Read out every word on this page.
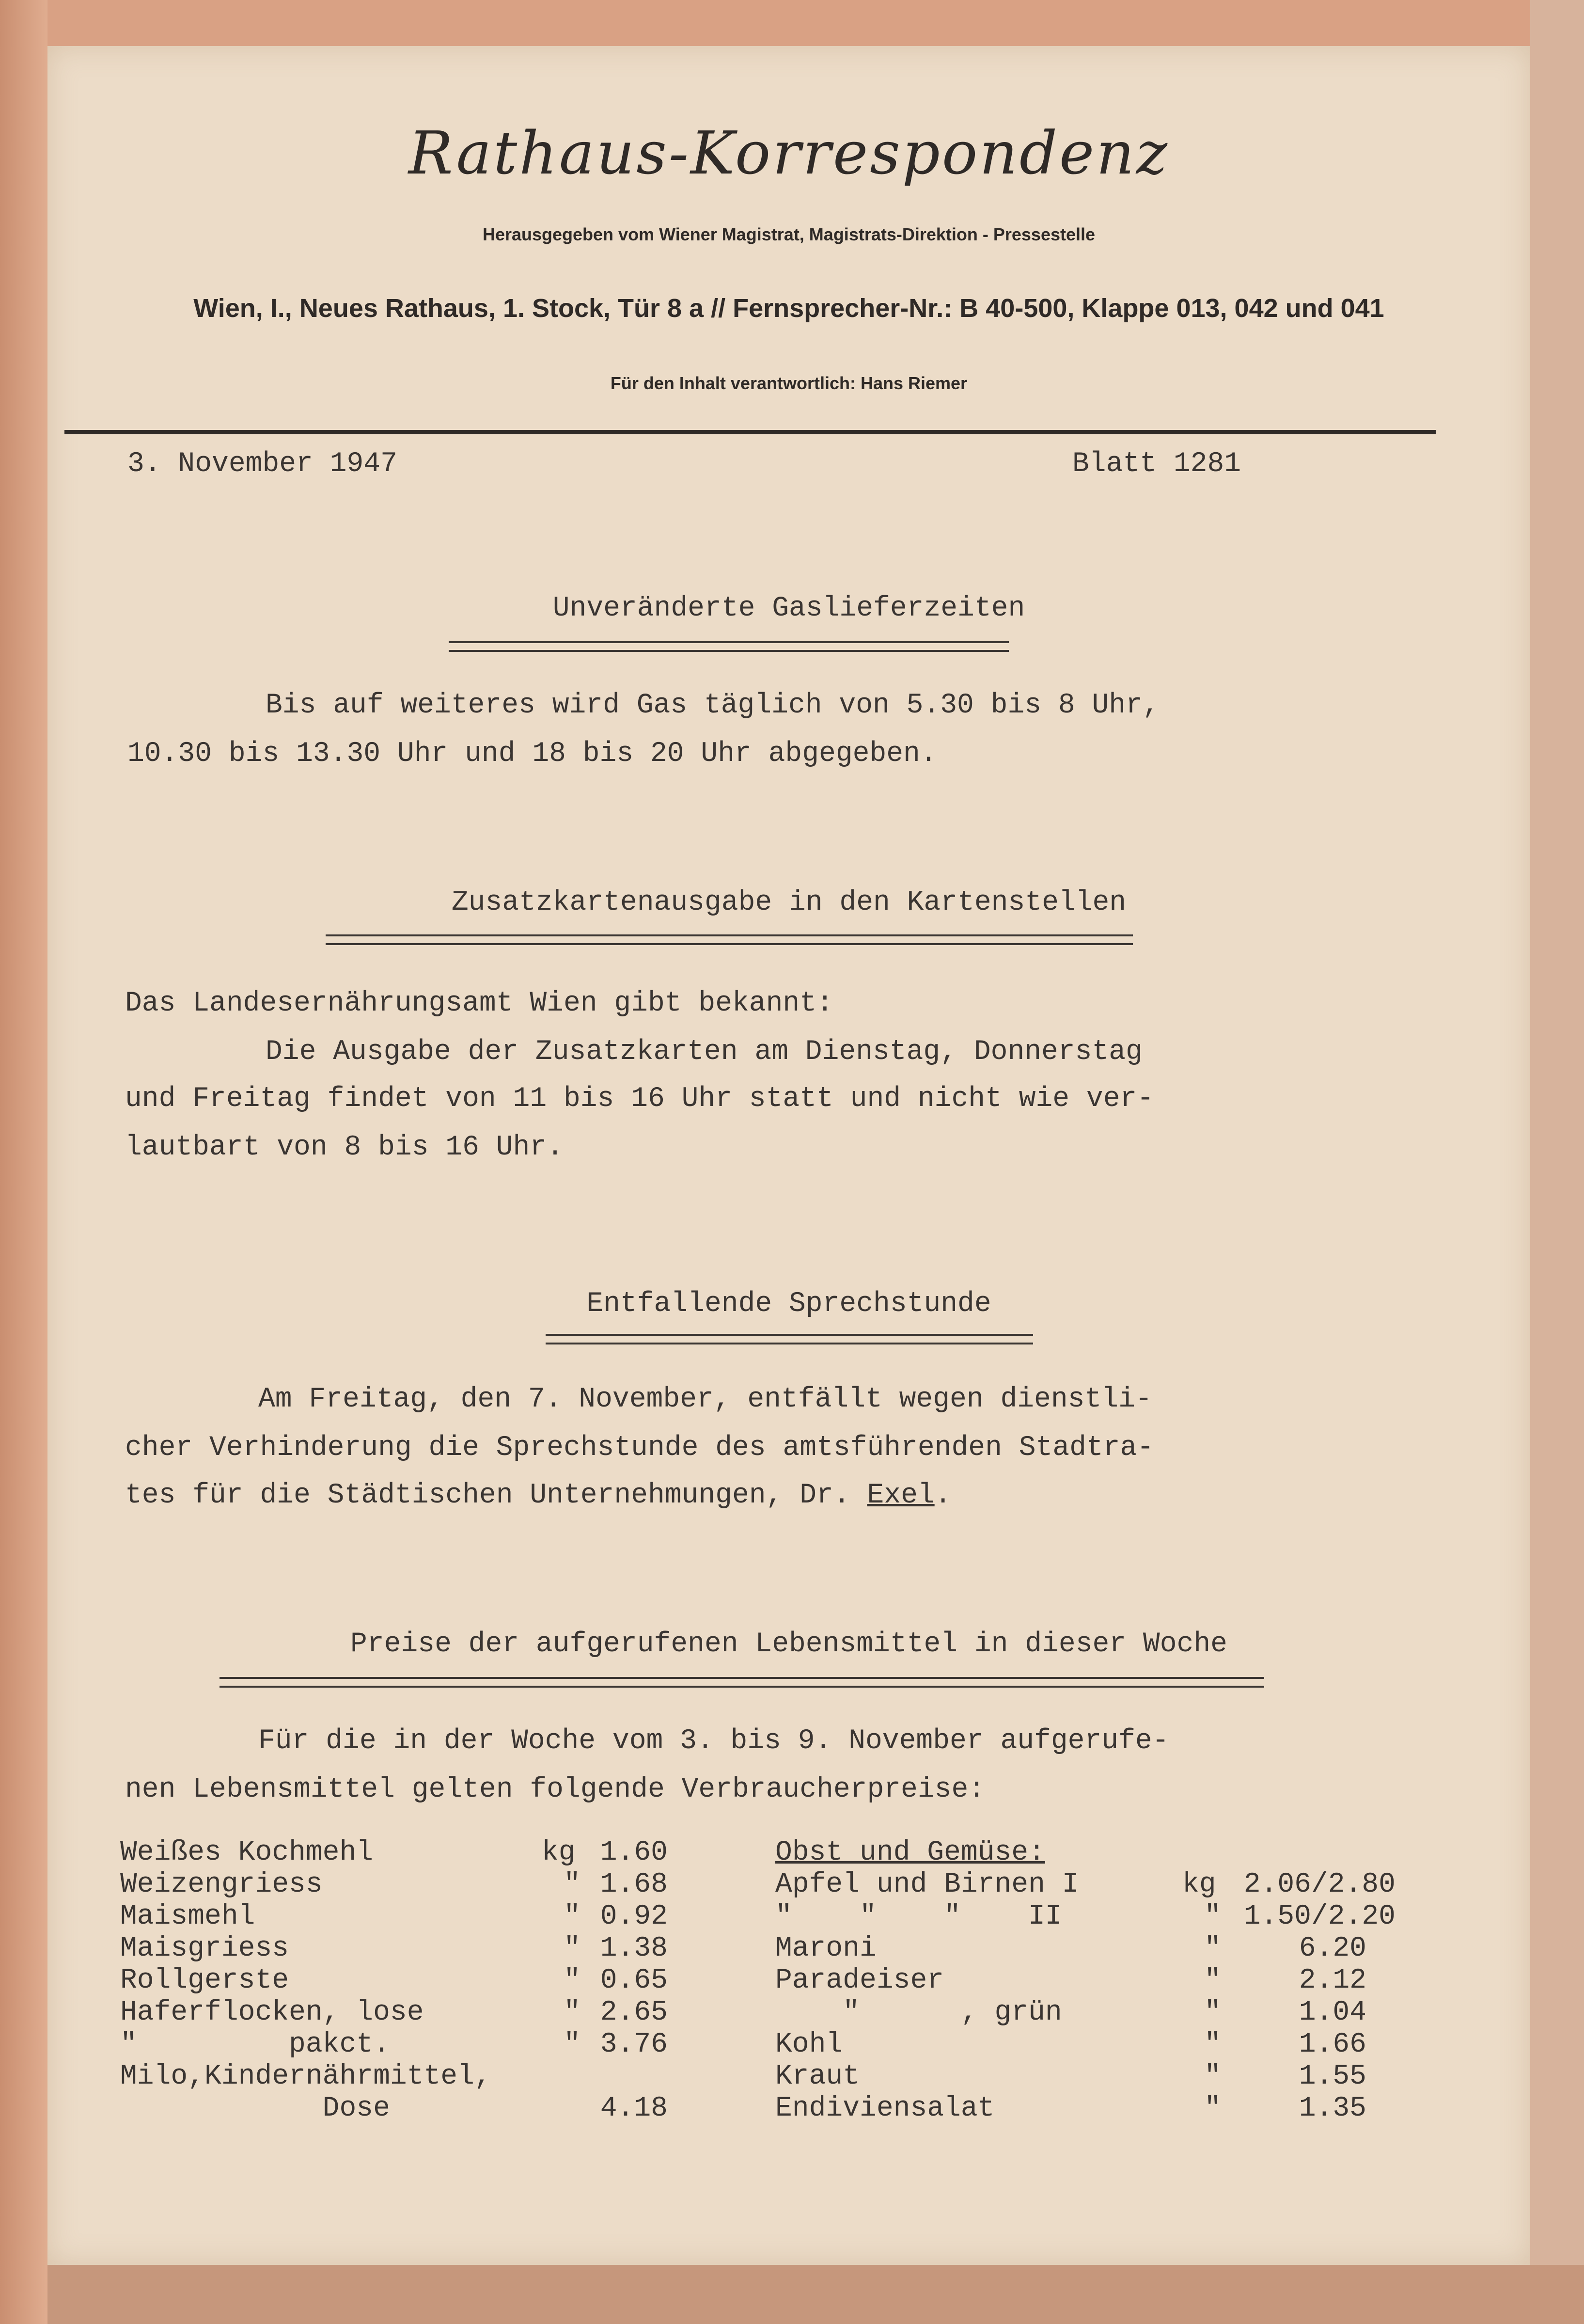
Rathaus-Korrespondenz
Herausgegeben vom Wiener Magistrat, Magistrats-Direktion - Pressestelle
Wien, I., Neues Rathaus, 1. Stock, Tür 8 a // Fernsprecher-Nr.: B 40-500, Klappe 013, 042 und 041
Für den Inhalt verantwortlich: Hans Riemer
3. November 1947	Blatt 1281
Unveränderte Gaslieferzeiten
Bis auf weiteres wird Gas täglich von 5.30 bis 8 Uhr,
10.30 bis 13.30 Uhr und 18 bis 20 Uhr abgegeben.
Zusatzkartenausgabe in den Kartenstellen
Das Landesernährungsamt Wien gibt bekannt:
Die Ausgabe der Zusatzkarten am Dienstag, Donnerstag
und Freitag findet von 11 bis 16 Uhr statt und nicht wie ver-
lautbart von 8 bis 16 Uhr.
Entfallende Sprechstunde
Am Freitag, den 7. November, entfällt wegen dienstli-
cher Verhinderung die Sprechstunde des amtsführenden Stadtra-
tes für die Städtischen Unternehmungen, Dr. Exel.
Preise der aufgerufenen Lebensmittel in dieser Woche
Für die in der Woche vom 3. bis 9. November aufgerufe-
nen Lebensmittel gelten folgende Verbraucherpreise:
Weißes Kochmehl	kg 1.60
Weizengriess	" 1.68
Maismehl	" 0.92
Maisgriess	" 1.38
Rollgerste	" 0.65
Haferflocken, lose	" 2.65
"         pakct.	" 3.76
Milo,Kindernährmittel,
Dose	4.18
Obst und Gemüse:
Apfel und Birnen I	kg 2.06/2.80
"    "    "    II	" 1.50/2.20
Maroni	"	6.20
Paradeiser	"	2.12
"      , grün	"	1.04
Kohl	"	1.66
Kraut	"	1.55
Endiviensalat	"	1.35
